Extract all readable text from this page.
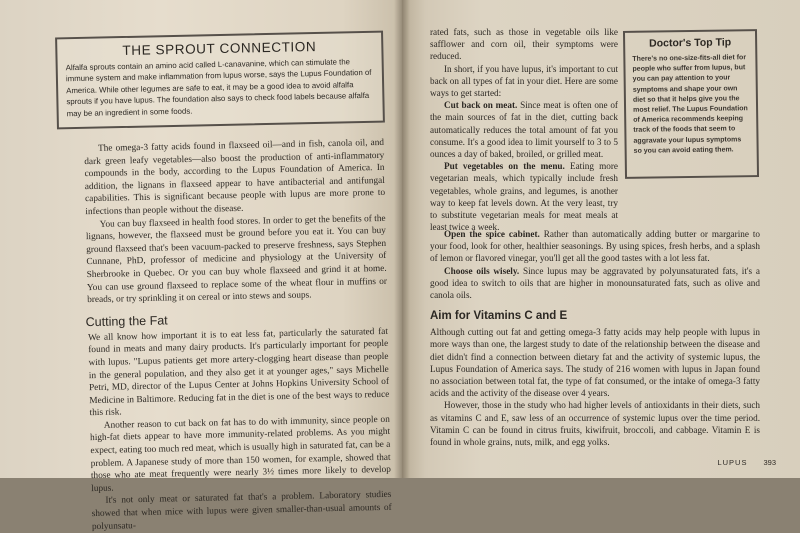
THE SPROUT CONNECTION

Alfalfa sprouts contain an amino acid called L-canavanine, which can stimulate the immune system and make inflammation from lupus worse, says the Lupus Foundation of America. While other legumes are safe to eat, it may be a good idea to avoid alfalfa sprouts if you have lupus. The foundation also says to check food labels because alfalfa may be an ingredient in some foods.

The omega-3 fatty acids found in flaxseed oil—and in fish, canola oil, and dark green leafy vegetables—also boost the production of anti-inflammatory compounds in the body, according to the Lupus Foundation of America. In addition, the lignans in flaxseed appear to have antibacterial and antifungal capabilities. This is significant because people with lupus are more prone to infections than people without the disease.

You can buy flaxseed in health food stores. In order to get the benefits of the lignans, however, the flaxseed must be ground before you eat it. You can buy ground flaxseed that's been vacuum-packed to preserve freshness, says Stephen Cunnane, PhD, professor of medicine and physiology at the University of Sherbrooke in Quebec. Or you can buy whole flaxseed and grind it at home. You can use ground flaxseed to replace some of the wheat flour in muffins or breads, or try sprinkling it on cereal or into stews and soups.

Cutting the Fat

We all know how important it is to eat less fat, particularly the saturated fat found in meats and many dairy products. It's particularly important for people with lupus. "Lupus patients get more artery-clogging heart disease than people in the general population, and they also get it at younger ages," says Michelle Petri, MD, director of the Lupus Center at Johns Hopkins University School of Medicine in Baltimore. Reducing fat in the diet is one of the best ways to reduce this risk.

Another reason to cut back on fat has to do with immunity, since people on high-fat diets appear to have more immunity-related problems. As you might expect, eating too much red meat, which is usually high in saturated fat, can be a problem. A Japanese study of more than 150 women, for example, showed that those who ate meat frequently were nearly 3½ times more likely to develop lupus.

It's not only meat or saturated fat that's a problem. Laboratory studies showed that when mice with lupus were given smaller-than-usual amounts of polyunsatu-

rated fats, such as those in vegetable oils like safflower and corn oil, their symptoms were reduced.

In short, if you have lupus, it's important to cut back on all types of fat in your diet. Here are some ways to get started:

Cut back on meat. Since meat is often one of the main sources of fat in the diet, cutting back automatically reduces the total amount of fat you consume. It's a good idea to limit yourself to 3 to 5 ounces a day of baked, broiled, or grilled meat.

Put vegetables on the menu. Eating more vegetarian meals, which typically include fresh vegetables, whole grains, and legumes, is another way to keep fat levels down. At the very least, try to substitute vegetarian meals for meat meals at least twice a week.

Doctor's Top Tip

There's no one-size-fits-all diet for people who suffer from lupus, but you can pay attention to your symptoms and shape your own diet so that it helps give you the most relief. The Lupus Foundation of America recommends keeping track of the foods that seem to aggravate your lupus symptoms so you can avoid eating them.

Open the spice cabinet. Rather than automatically adding butter or margarine to your food, look for other, healthier seasonings. By using spices, fresh herbs, and a splash of lemon or flavored vinegar, you'll get all the good tastes with a lot less fat.

Choose oils wisely. Since lupus may be aggravated by polyunsaturated fats, it's a good idea to switch to oils that are higher in monounsaturated fats, such as olive and canola oils.

Aim for Vitamins C and E

Although cutting out fat and getting omega-3 fatty acids may help people with lupus in more ways than one, the largest study to date of the relationship between the disease and diet didn't find a connection between dietary fat and the activity of systemic lupus, the Lupus Foundation of America says. The study of 216 women with lupus in Japan found no association between total fat, the type of fat consumed, or the intake of omega-3 fatty acids and the activity of the disease over 4 years.

However, those in the study who had higher levels of antioxidants in their diets, such as vitamins C and E, saw less of an occurrence of systemic lupus over the time period. Vitamin C can be found in citrus fruits, kiwifruit, broccoli, and cabbage. Vitamin E is found in whole grains, nuts, milk, and egg yolks.

LUPUS 393
